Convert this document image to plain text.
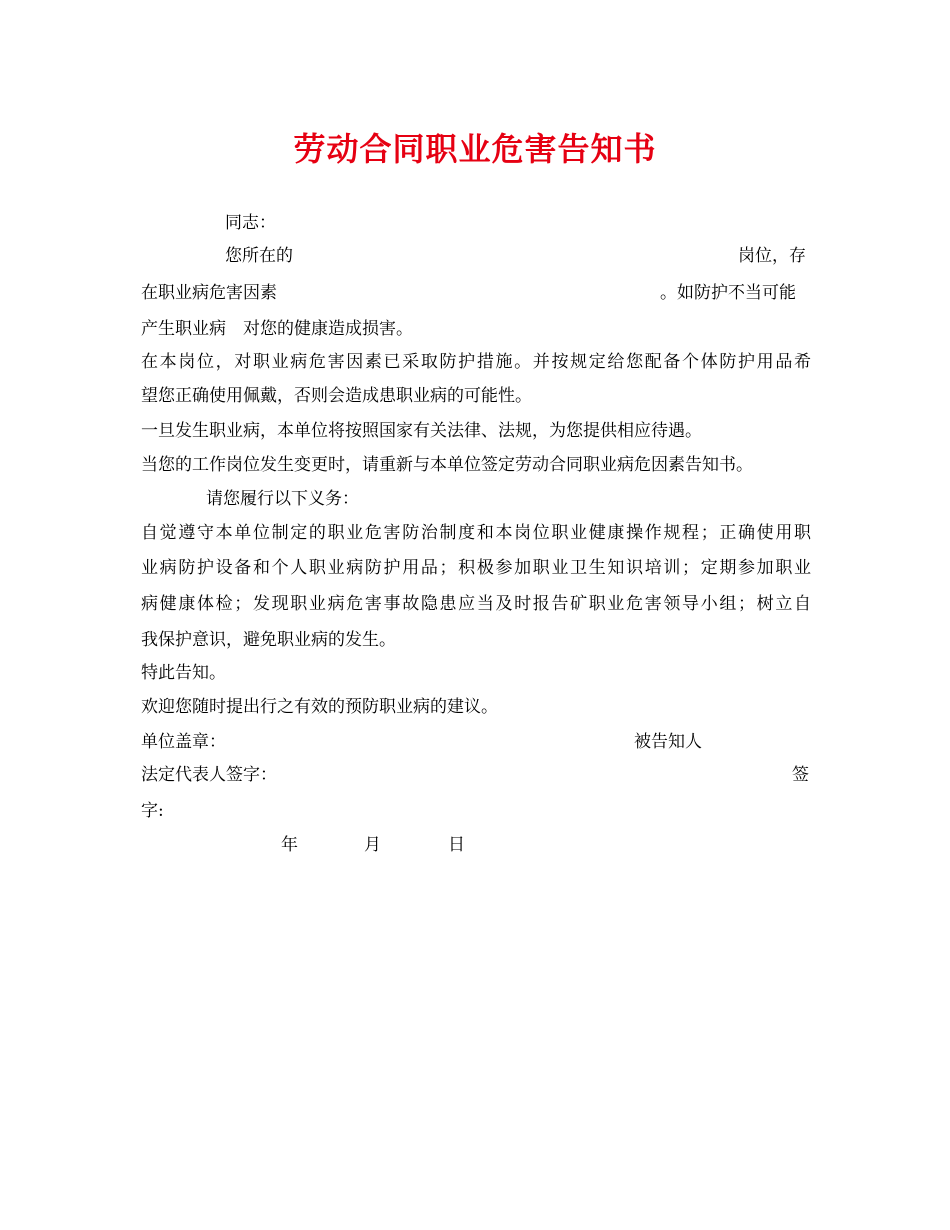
劳动合同职业危害告知书
同志：
您所在的	岗位，存
在职业病危害因素	。如防护不当可能
产生职业病　对您的健康造成损害。
在本岗位，对职业病危害因素已采取防护措施。并按规定给您配备个体防护用品希
望您正确使用佩戴，否则会造成患职业病的可能性。
一旦发生职业病，本单位将按照国家有关法律、法规，为您提供相应待遇。
当您的工作岗位发生变更时，请重新与本单位签定劳动合同职业病危因素告知书。
请您履行以下义务：
自觉遵守本单位制定的职业危害防治制度和本岗位职业健康操作规程；正确使用职
业病防护设备和个人职业病防护用品；积极参加职业卫生知识培训；定期参加职业
病健康体检；发现职业病危害事故隐患应当及时报告矿职业危害领导小组；树立自
我保护意识，避免职业病的发生。
特此告知。
欢迎您随时提出行之有效的预防职业病的建议。
单位盖章：	被告知人
法定代表人签字：	签
字:
年	月	日
